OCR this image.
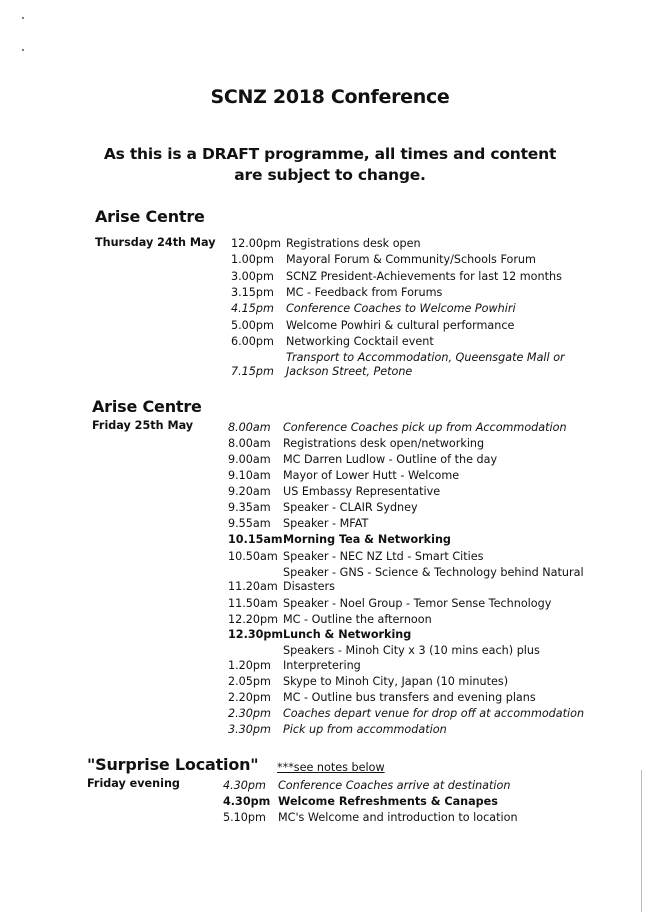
SCNZ 2018 Conference
As this is a DRAFT programme, all times and content are subject to change.
Arise Centre
Thursday 24th May 12.00pm Registrations desk open
1.00pm Mayoral Forum & Community/Schools Forum
3.00pm SCNZ President-Achievements for last 12 months
3.15pm MC - Feedback from Forums
4.15pm Conference Coaches to Welcome Powhiri
5.00pm Welcome Powhiri & cultural performance
6.00pm Networking Cocktail event
Transport to Accommodation, Queensgate Mall or
7.15pm Jackson Street, Petone
Arise Centre
Friday 25th May	8.00am Conference Coaches pick up from Accommodation
8.00am Registrations desk open/networking
9.00am MC Darren Ludlow - Outline of the day
9.10am Mayor of Lower Hutt - Welcome
9.20am US Embassy Representative
9.35am Speaker - CLAIR Sydney
9.55am Speaker - MFAT
10.15am Morning Tea & Networking
10.50am Speaker - NEC NZ Ltd - Smart Cities
Speaker - GNS - Science & Technology behind Natural
11.20am Disasters
11.50am Speaker - Noel Group - Temor Sense Technology
12.20pm MC - Outline the afternoon
12.30pm Lunch & Networking
Speakers - Minoh City x 3 (10 mins each) plus
1.20pm Interpretering
2.05pm Skype to Minoh City, Japan (10 minutes)
2.20pm MC - Outline bus transfers and evening plans
2.30pm Coaches depart venue for drop off at accommodation
3.30pm Pick up from accommodation
"Surprise Location" ***see notes below
Friday evening	4.30pm Conference Coaches arrive at destination
4.30pm Welcome Refreshments & Canapes
5.10pm MC's Welcome and introduction to location
